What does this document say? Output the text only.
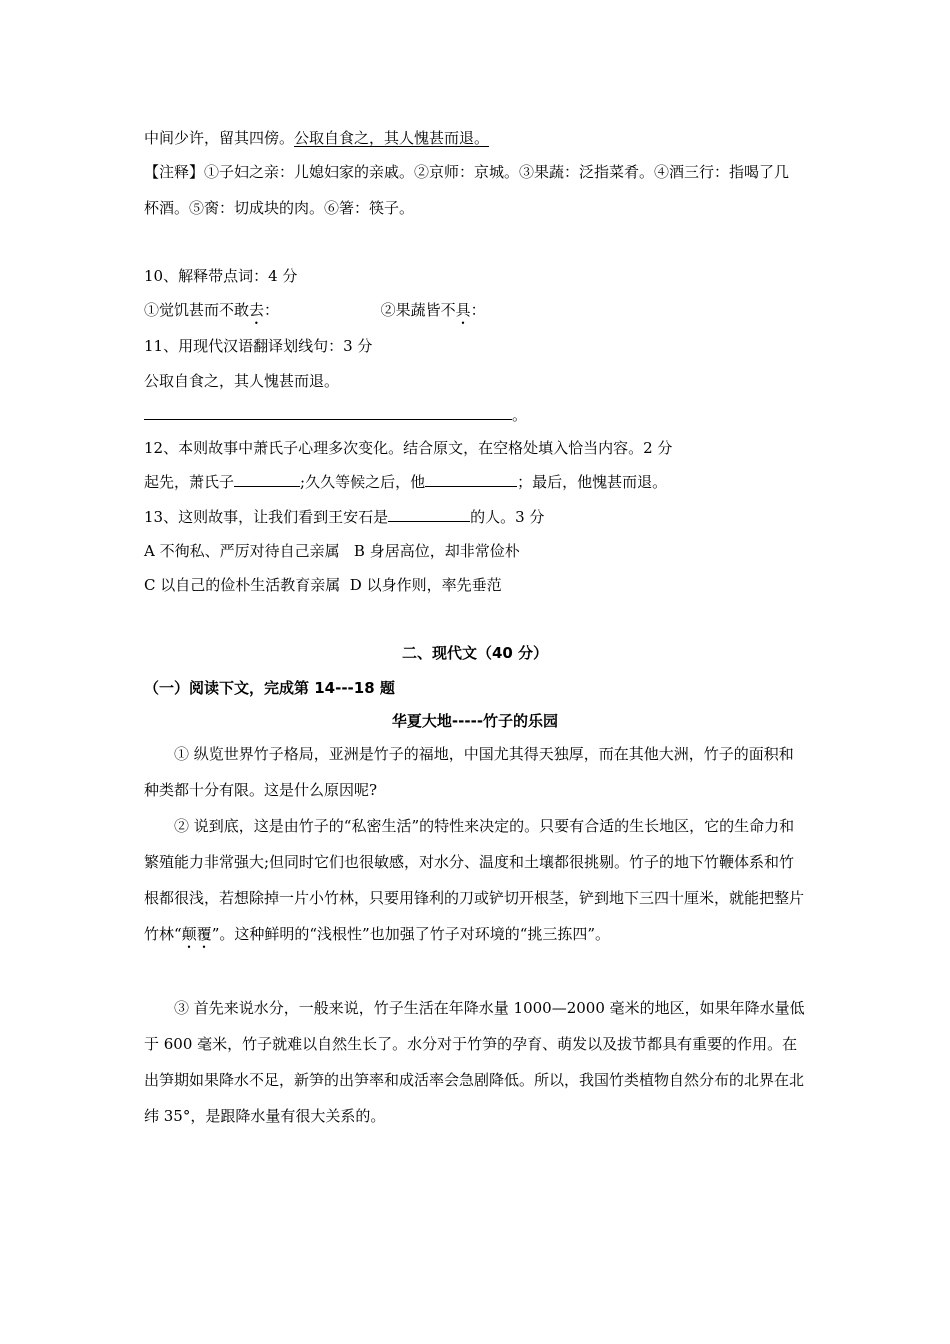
中间少许，留其四傍。公取自食之，其人愧甚而退。
【注释】①子妇之亲：儿媳妇家的亲戚。②京师：京城。③果蔬：泛指菜肴。④酒三行：指喝了几
杯酒。⑤脔：切成块的肉。⑥箸：筷子。
10、解释带点词：4 分
①觉饥甚而不敢去：	②果蔬皆不具：
11、用现代汉语翻译划线句：3 分
公取自食之，其人愧甚而退。
。
12、本则故事中萧氏子心理多次变化。结合原文，在空格处填入恰当内容。2 分
起先，萧氏子	;久久等候之后，他	；最后，他愧甚而退。
13、这则故事，让我们看到王安石是	的人。3 分
A 不徇私、严厉对待自己亲属 B 身居高位，却非常俭朴
C 以自己的俭朴生活教育亲属 D 以身作则，率先垂范
二、现代文（40 分）
（一）阅读下文，完成第 14---18 题
华夏大地-----竹子的乐园

① 纵览世界竹子格局，亚洲是竹子的福地，中国尤其得天独厚，而在其他大洲，竹子的面积和种类都十分有限。这是什么原因呢?

② 说到底，这是由竹子的“私密生活”的特性来决定的。只要有合适的生长地区，它的生命力和繁殖能力非常强大;但同时它们也很敏感，对水分、温度和土壤都很挑剔。竹子的地下竹鞭体系和竹根都很浅，若想除掉一片小竹林，只要用锋利的刀或铲切开根茎，铲到地下三四十厘米，就能把整片竹林“颠覆”。这种鲜明的“浅根性”也加强了竹子对环境的“挑三拣四”。

③ 首先来说水分，一般来说，竹子生活在年降水量 1000—2000 毫米的地区，如果年降水量低于 600 毫米，竹子就难以自然生长了。水分对于竹笋的孕育、萌发以及拔节都具有重要的作用。在出笋期如果降水不足，新笋的出笋率和成活率会急剧降低。所以，我国竹类植物自然分布的北界在北纬 35°，是跟降水量有很大关系的。
